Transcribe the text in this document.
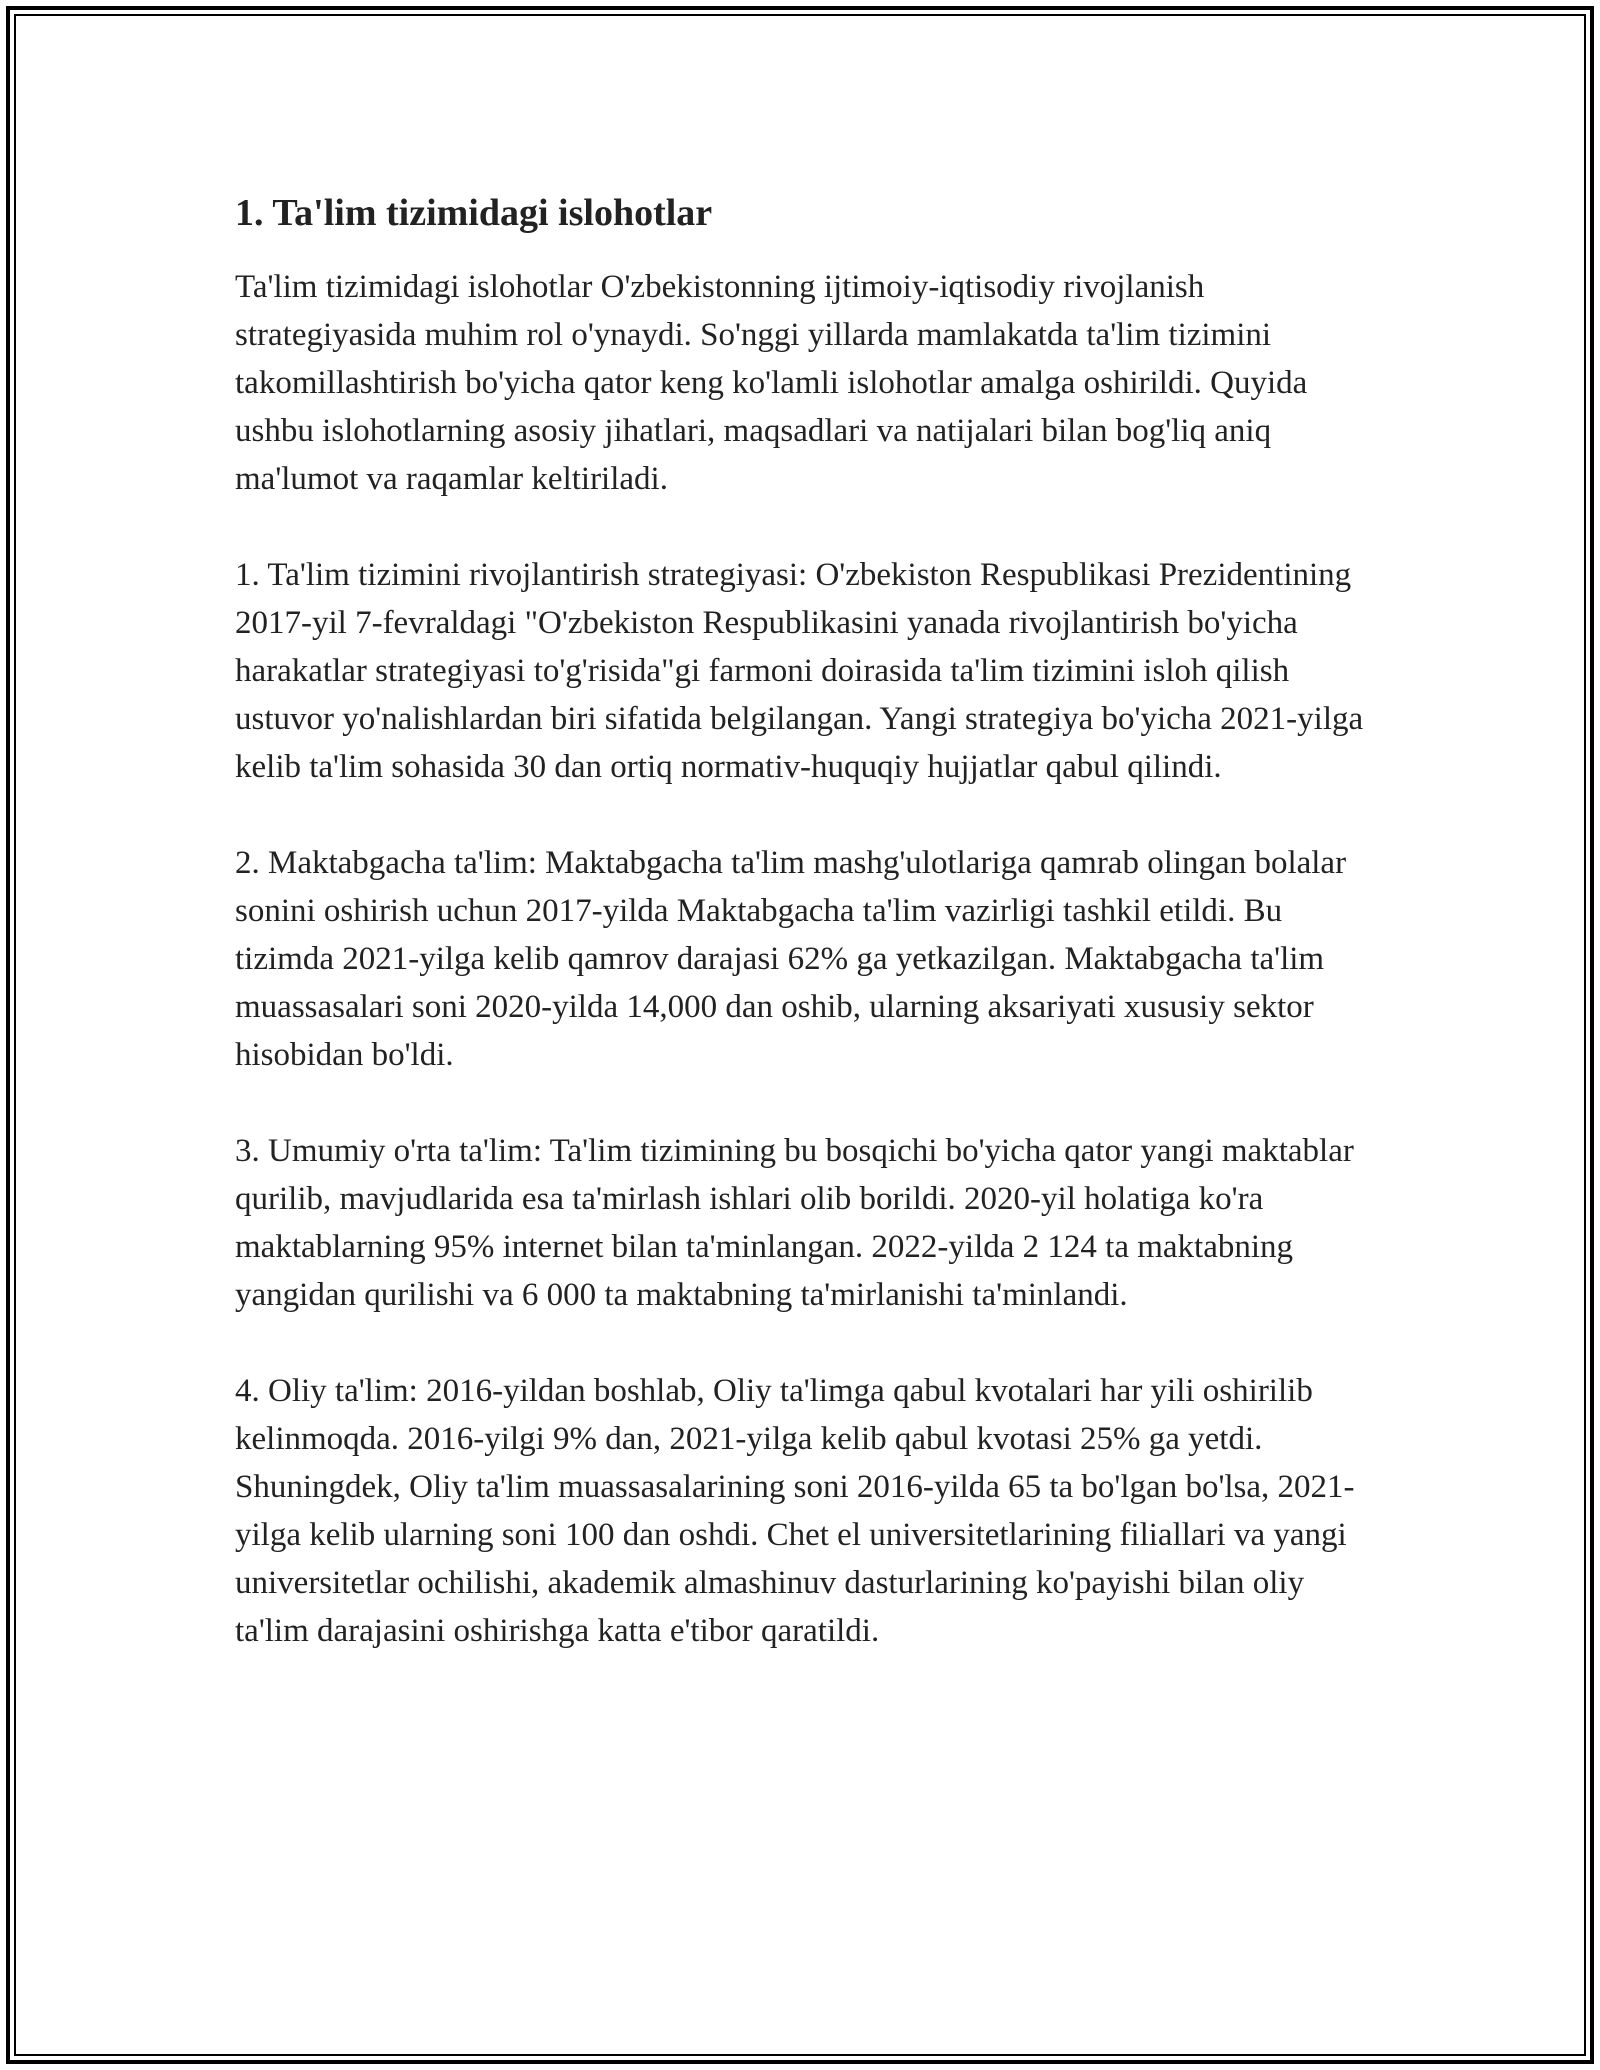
1. Ta'lim tizimidagi islohotlar

Ta'lim tizimidagi islohotlar O'zbekistonning ijtimoiy-iqtisodiy rivojlanish strategiyasida muhim rol o'ynaydi. So'nggi yillarda mamlakatda ta'lim tizimini takomillashtirish bo'yicha qator keng ko'lamli islohotlar amalga oshirildi. Quyida ushbu islohotlarning asosiy jihatlari, maqsadlari va natijalari bilan bog'liq aniq ma'lumot va raqamlar keltiriladi.

1. Ta'lim tizimini rivojlantirish strategiyasi: O'zbekiston Respublikasi Prezidentining 2017-yil 7-fevraldagi "O'zbekiston Respublikasini yanada rivojlantirish bo'yicha harakatlar strategiyasi to'g'risida"gi farmoni doirasida ta'lim tizimini isloh qilish ustuvor yo'nalishlardan biri sifatida belgilangan. Yangi strategiya bo'yicha 2021-yilga kelib ta'lim sohasida 30 dan ortiq normativ-huquqiy hujjatlar qabul qilindi.

2. Maktabgacha ta'lim: Maktabgacha ta'lim mashg'ulotlariga qamrab olingan bolalar sonini oshirish uchun 2017-yilda Maktabgacha ta'lim vazirligi tashkil etildi. Bu tizimda 2021-yilga kelib qamrov darajasi 62% ga yetkazilgan. Maktabgacha ta'lim muassasalari soni 2020-yilda 14,000 dan oshib, ularning aksariyati xususiy sektor hisobidan bo'ldi.

3. Umumiy o'rta ta'lim: Ta'lim tizimining bu bosqichi bo'yicha qator yangi maktablar qurilib, mavjudlarida esa ta'mirlash ishlari olib borildi. 2020-yil holatiga ko'ra maktablarning 95% internet bilan ta'minlangan. 2022-yilda 2 124 ta maktabning yangidan qurilishi va 6 000 ta maktabning ta'mirlanishi ta'minlandi.

4. Oliy ta'lim: 2016-yildan boshlab, Oliy ta'limga qabul kvotalari har yili oshirilib kelinmoqda. 2016-yilgi 9% dan, 2021-yilga kelib qabul kvotasi 25% ga yetdi. Shuningdek, Oliy ta'lim muassasalarining soni 2016-yilda 65 ta bo'lgan bo'lsa, 2021-yilga kelib ularning soni 100 dan oshdi. Chet el universitetlarining filiallari va yangi universitetlar ochilishi, akademik almashinuv dasturlarining ko'payishi bilan oliy ta'lim darajasini oshirishga katta e'tibor qaratildi.
